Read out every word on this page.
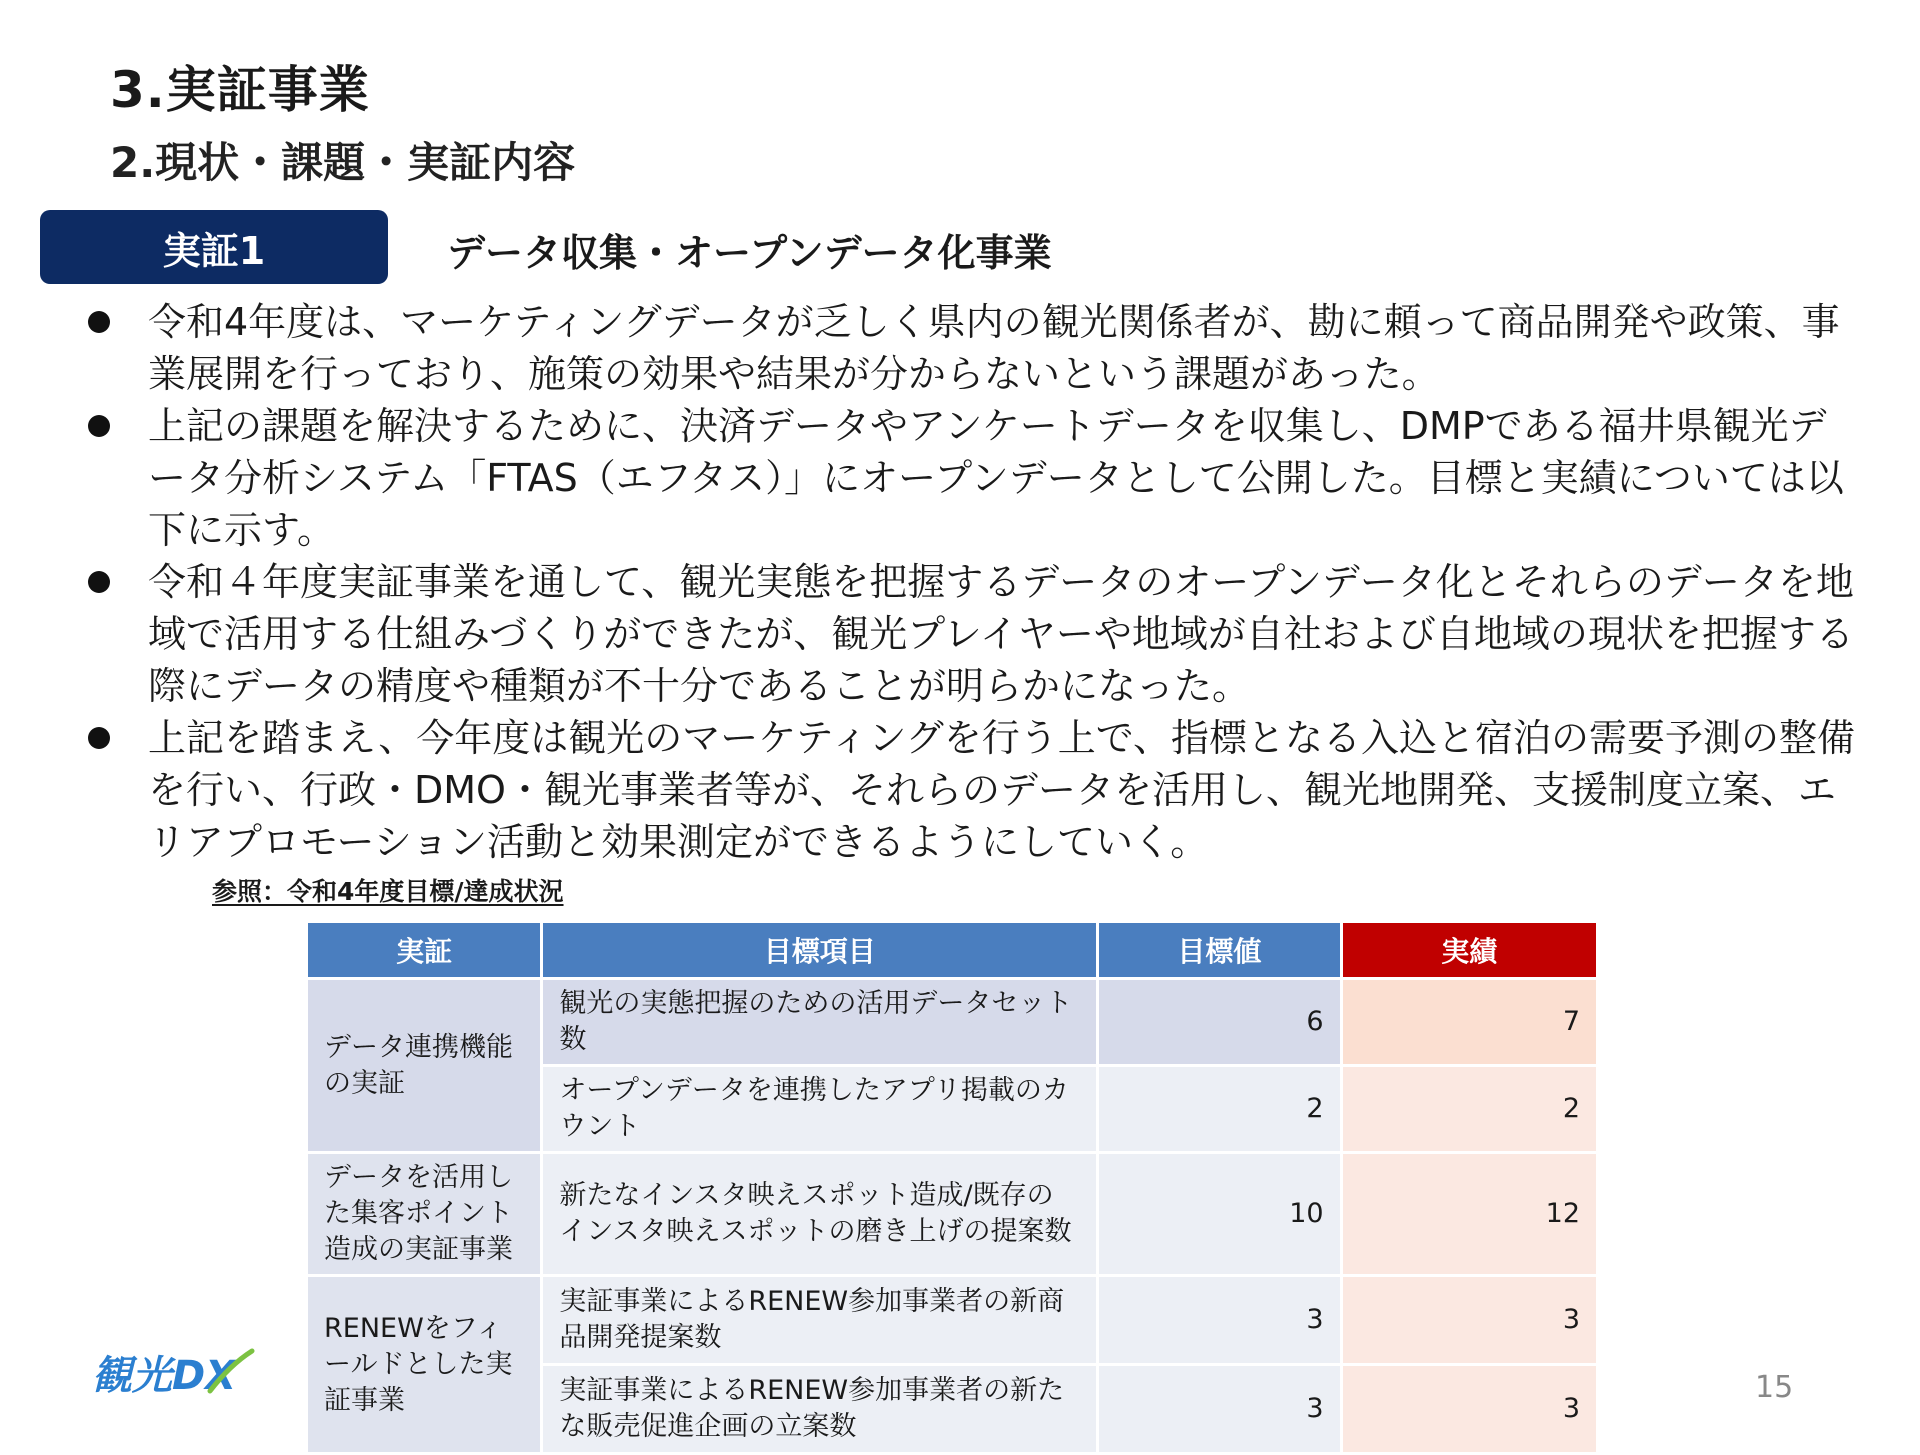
3.実証事業
2.現状・課題・実証内容
実証1	データ収集・オープンデータ化事業
令和4年度は、マーケティングデータが乏しく県内の観光関係者が、勘に頼って商品開発や政策、事業展開を行っており、施策の効果や結果が分からないという課題があった。
上記の課題を解決するために、決済データやアンケートデータを収集し、DMPである福井県観光データ分析システム「FTAS（エフタス）」にオープンデータとして公開した。目標と実績については以下に示す。
令和４年度実証事業を通して、観光実態を把握するデータのオープンデータ化とそれらのデータを地域で活用する仕組みづくりができたが、観光プレイヤーや地域が自社および自地域の現状を把握する際にデータの精度や種類が不十分であることが明らかになった。
上記を踏まえ、今年度は観光のマーケティングを行う上で、指標となる入込と宿泊の需要予測の整備を行い、行政・DMO・観光事業者等が、それらのデータを活用し、観光地開発、支援制度立案、エリアプロモーション活動と効果測定ができるようにしていく。
参照：令和4年度目標/達成状況
実証	目標項目	目標値	実績
データ連携機能の実証	観光の実態把握のための活用データセット数	6	7
	オープンデータを連携したアプリ掲載のカウント	2	2
データを活用した集客ポイント造成の実証事業	新たなインスタ映えスポット造成/既存のインスタ映えスポットの磨き上げの提案数	10	12
RENEWをフィールドとした実証事業	実証事業によるRENEW参加事業者の新商品開発提案数	3	3
	実証事業によるRENEW参加事業者の新たな販売促進企画の立案数	3	3
観光DX	15
